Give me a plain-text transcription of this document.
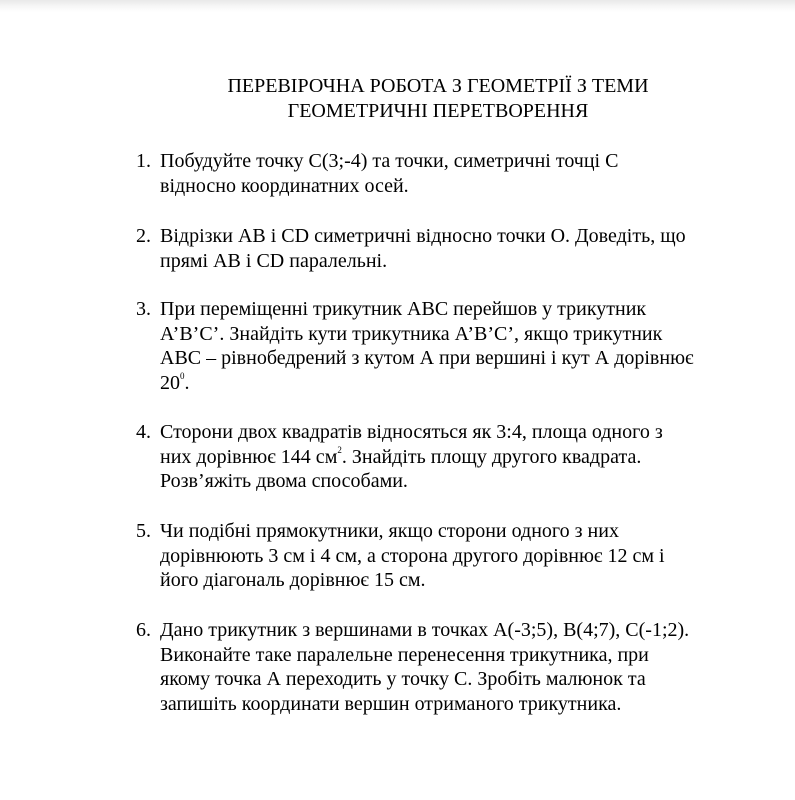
ПЕРЕВІРОЧНА РОБОТА З ГЕОМЕТРІЇ З ТЕМИ
ГЕОМЕТРИЧНІ ПЕРЕТВОРЕННЯ
1. Побудуйте точку С(3;-4) та точки, симетричні точці С
відносно координатних осей.
2. Відрізки АВ і СD симетричні відносно точки О. Доведіть, що
прямі АВ і СD паралельні.
3. При переміщенні трикутник АВС перейшов у трикутник
А’В’С’. Знайдіть кути трикутника А’В’С’, якщо трикутник
АВС – рівнобедрений з кутом А при вершині і кут А дорівнює
$20^0$.
4. Сторони двох квадратів відносяться як 3:4, площа одного з
них дорівнює 144 $см^2$. Знайдіть площу другого квадрата.
Розв’яжіть двома способами.
5. Чи подібні прямокутники, якщо сторони одного з них
дорівнюють 3 см і 4 см, а сторона другого дорівнює 12 см і
його діагональ дорівнює 15 см.
6. Дано трикутник з вершинами в точках А(-3;5), В(4;7), С(-1;2).
Виконайте таке паралельне перенесення трикутника, при
якому точка А переходить у точку С. Зробіть малюнок та
запишіть координати вершин отриманого трикутника.
